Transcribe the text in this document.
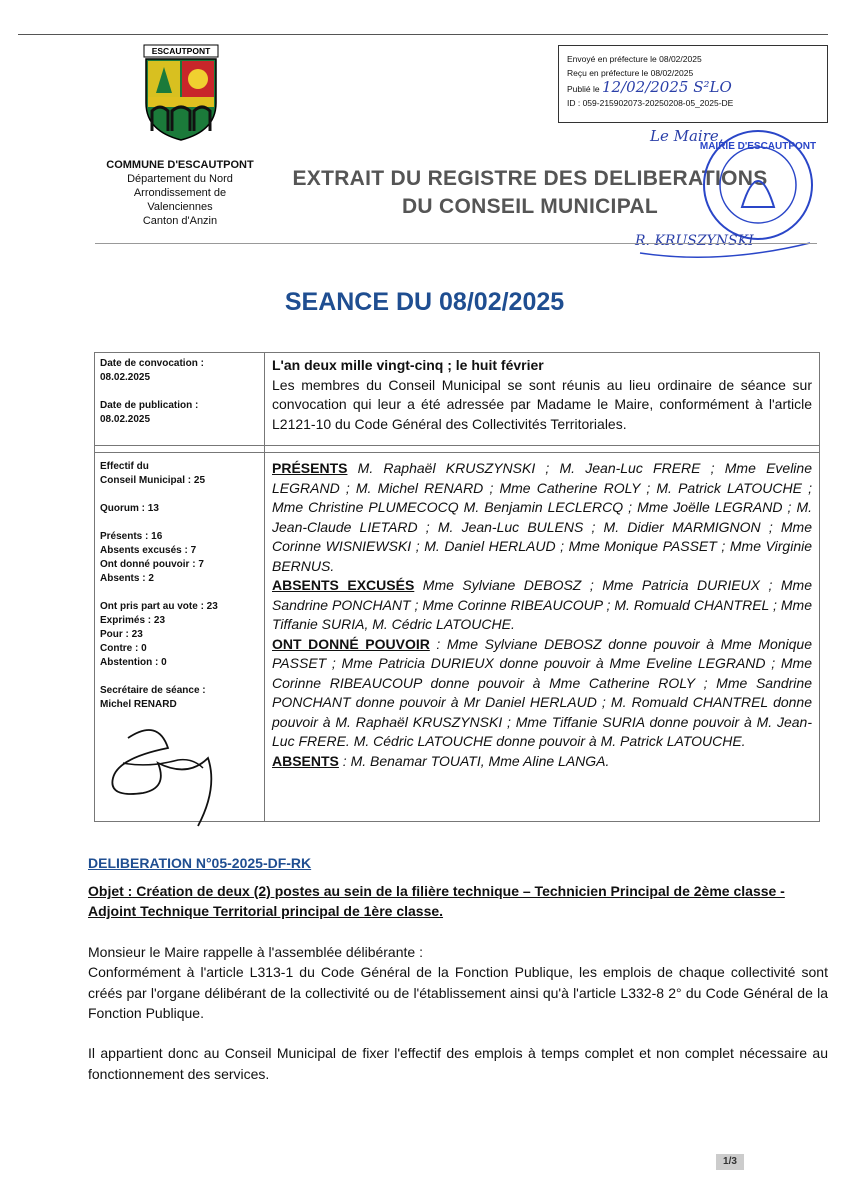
ESCAUTPONT
COMMUNE D'ESCAUTPONT
Département du Nord
Arrondissement de
Valenciennes
Canton d'Anzin
Envoyé en préfecture le 08/02/2025
Reçu en préfecture le 08/02/2025
Publié le 12/02/2025 S²LO
ID : 059-215902073-20250208-05_2025-DE
EXTRAIT DU REGISTRE DES DELIBERATIONS
DU CONSEIL MUNICIPAL
Le Maire,
MAIRIE D'ESCAUTPONT
R. KRUSZYNSKI
SEANCE DU 08/02/2025
Date de convocation :
08.02.2025
Date de publication :
08.02.2025
Effectif du
Conseil Municipal : 25
Quorum : 13
Présents : 16
Absents excusés : 7
Ont donné pouvoir : 7
Absents : 2
Ont pris part au vote : 23
Exprimés : 23
Pour : 23
Contre : 0
Abstention : 0
Secrétaire de séance :
Michel RENARD
L'an deux mille vingt-cinq ; le huit février
Les membres du Conseil Municipal se sont réunis au lieu ordinaire de séance sur convocation qui leur a été adressée par Madame le Maire, conformément à l'article L2121-10 du Code Général des Collectivités Territoriales.
PRÉSENTS M. Raphaël KRUSZYNSKI ; M. Jean-Luc FRERE ; Mme Eveline LEGRAND ; M. Michel RENARD ; Mme Catherine ROLY ; M. Patrick LATOUCHE ; Mme Christine PLUMECOCQ M. Benjamin LECLERCQ ; Mme Joëlle LEGRAND ; M. Jean-Claude LIETARD ; M. Jean-Luc BULENS ; M. Didier MARMIGNON ; Mme Corinne WISNIEWSKI ; M. Daniel HERLAUD ; Mme Monique PASSET ; Mme Virginie BERNUS.
ABSENTS EXCUSÉS Mme Sylviane DEBOSZ ; Mme Patricia DURIEUX ; Mme Sandrine PONCHANT ; Mme Corinne RIBEAUCOUP ; M. Romuald CHANTREL ; Mme Tiffanie SURIA, M. Cédric LATOUCHE.
ONT DONNÉ POUVOIR : Mme Sylviane DEBOSZ donne pouvoir à Mme Monique PASSET ; Mme Patricia DURIEUX donne pouvoir à Mme Eveline LEGRAND ; Mme Corinne RIBEAUCOUP donne pouvoir à Mme Catherine ROLY ; Mme Sandrine PONCHANT donne pouvoir à Mr Daniel HERLAUD ; M. Romuald CHANTREL donne pouvoir à M. Raphaël KRUSZYNSKI ; Mme Tiffanie SURIA donne pouvoir à M. Jean-Luc FRERE. M. Cédric LATOUCHE donne pouvoir à M. Patrick LATOUCHE.
ABSENTS : M. Benamar TOUATI, Mme Aline LANGA.
DELIBERATION N°05-2025-DF-RK
Objet : Création de deux (2) postes au sein de la filière technique – Technicien Principal de 2ème classe - Adjoint Technique Territorial principal de 1ère classe.
Monsieur le Maire rappelle à l'assemblée délibérante :
Conformément à l'article L313-1 du Code Général de la Fonction Publique, les emplois de chaque collectivité sont créés par l'organe délibérant de la collectivité ou de l'établissement ainsi qu'à l'article L332-8 2° du Code Général de la Fonction Publique.
Il appartient donc au Conseil Municipal de fixer l'effectif des emplois à temps complet et non complet nécessaire au fonctionnement des services.
1/3
